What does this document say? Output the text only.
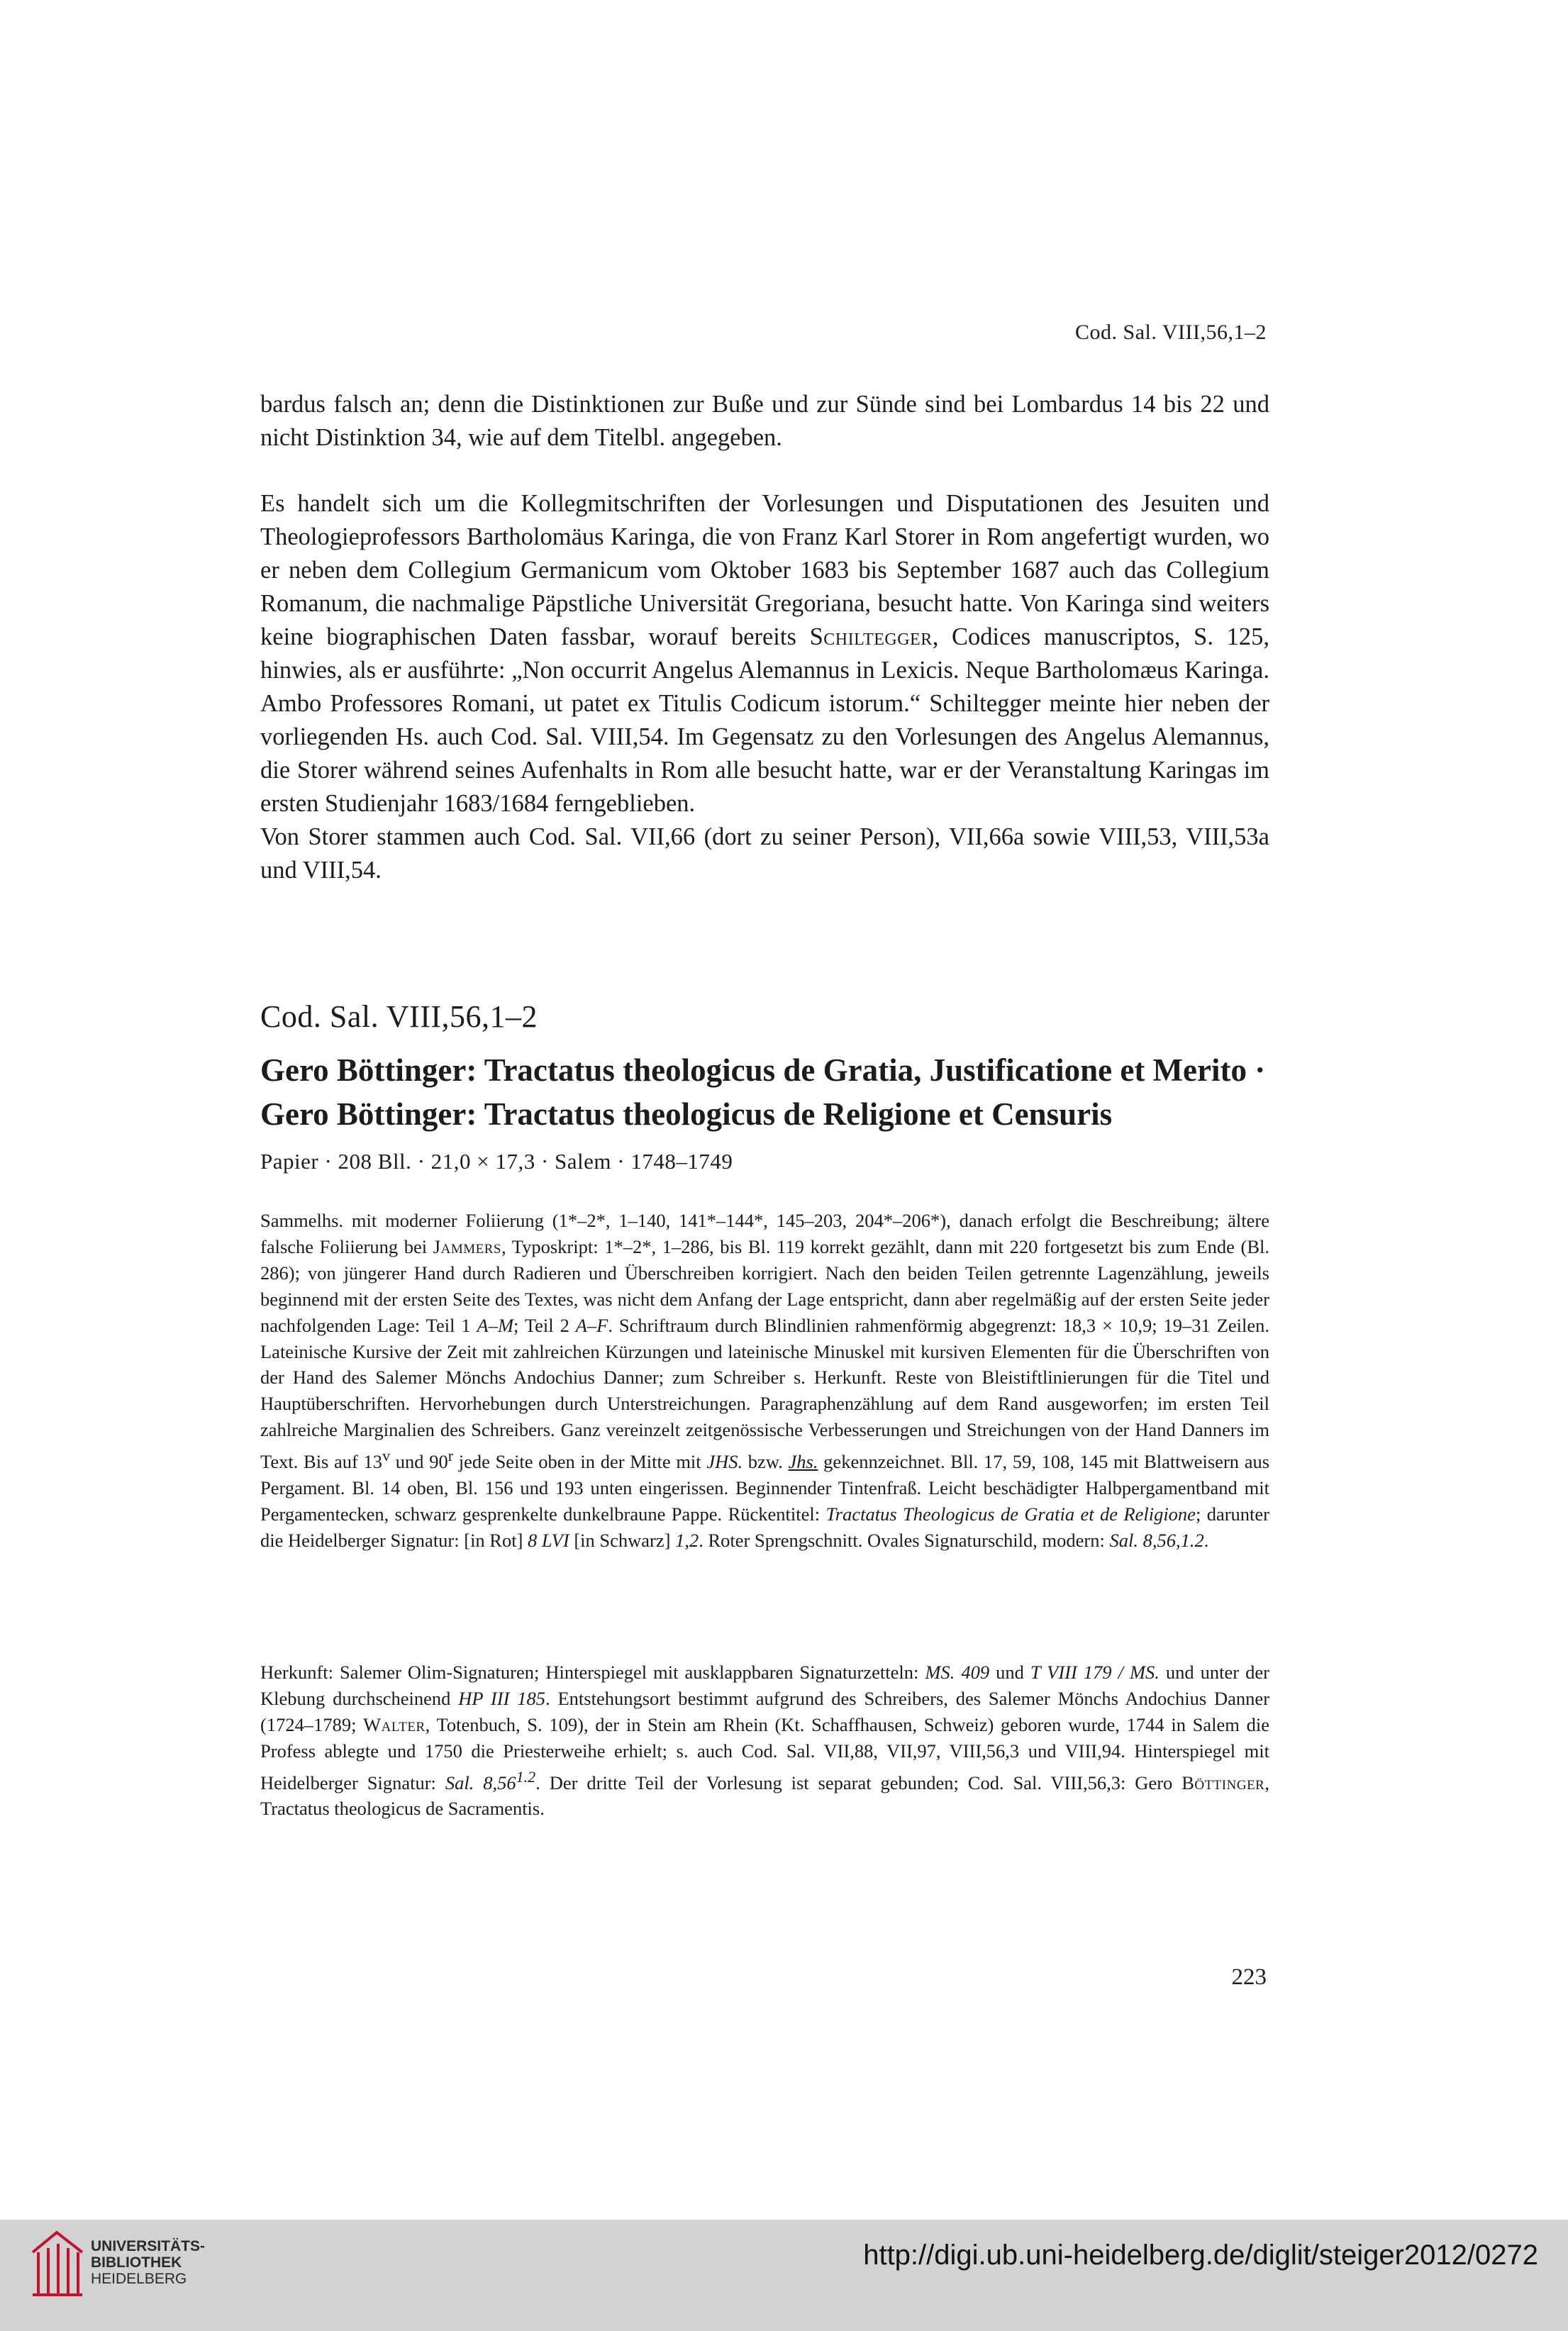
Cod. Sal. VIII,56,1–2

bardus falsch an; denn die Distinktionen zur Buße und zur Sünde sind bei Lombardus 14 bis 22 und nicht Distinktion 34, wie auf dem Titelbl. angegeben.

Es handelt sich um die Kollegmitschriften der Vorlesungen und Disputationen des Jesuiten und Theologieprofessors Bartholomäus Karinga, die von Franz Karl Storer in Rom angefertigt wurden, wo er neben dem Collegium Germanicum vom Oktober 1683 bis September 1687 auch das Collegium Romanum, die nachmalige Päpstliche Universität Gregoriana, besucht hatte. Von Karinga sind weiters keine biographischen Daten fassbar, worauf bereits Schiltegger, Codices manuscriptos, S. 125, hinwies, als er ausführte: „Non occurrit Angelus Alemannus in Lexicis. Neque Bartholomæus Karinga. Ambo Professores Romani, ut patet ex Titulis Codicum istorum.“ Schiltegger meinte hier neben der vorliegenden Hs. auch Cod. Sal. VIII,54. Im Gegensatz zu den Vorlesungen des Angelus Alemannus, die Storer während seines Aufenhalts in Rom alle besucht hatte, war er der Veranstaltung Karingas im ersten Studienjahr 1683/1684 ferngeblieben.

Von Storer stammen auch Cod. Sal. VII,66 (dort zu seiner Person), VII,66a sowie VIII,53, VIII,53a und VIII,54.

Cod. Sal. VIII,56,1–2
Gero Böttinger: Tractatus theologicus de Gratia, Justificatione et Merito · Gero Böttinger: Tractatus theologicus de Religione et Censuris
Papier · 208 Bll. · 21,0 × 17,3 · Salem · 1748–1749

Sammelhs. mit moderner Foliierung (1*–2*, 1–140, 141*–144*, 145–203, 204*–206*), danach erfolgt die Beschreibung; ältere falsche Foliierung bei Jammers, Typoskript: 1*–2*, 1–286, bis Bl. 119 korrekt gezählt, dann mit 220 fortgesetzt bis zum Ende (Bl. 286); von jüngerer Hand durch Radieren und Überschreiben korrigiert. Nach den beiden Teilen getrennte Lagenzählung, jeweils beginnend mit der ersten Seite des Textes, was nicht dem Anfang der Lage entspricht, dann aber regelmäßig auf der ersten Seite jeder nachfolgenden Lage: Teil 1 A–M; Teil 2 A–F. Schriftraum durch Blindlinien rahmenförmig abgegrenzt: 18,3 × 10,9; 19–31 Zeilen. Lateinische Kursive der Zeit mit zahlreichen Kürzungen und lateinische Minuskel mit kursiven Elementen für die Überschriften von der Hand des Salemer Mönchs Andochius Danner; zum Schreiber s. Herkunft. Reste von Bleistiftlinierungen für die Titel und Hauptüberschriften. Hervorhebungen durch Unterstreichungen. Paragraphenzählung auf dem Rand ausgeworfen; im ersten Teil zahlreiche Marginalien des Schreibers. Ganz vereinzelt zeitgenössische Verbesserungen und Streichungen von der Hand Danners im Text. Bis auf 13$^v$ und 90$^r$ jede Seite oben in der Mitte mit JHS. bzw. Jhs. gekennzeichnet. Bll. 17, 59, 108, 145 mit Blattweisern aus Pergament. Bl. 14 oben, Bl. 156 und 193 unten eingerissen. Beginnender Tintenfraß. Leicht beschädigter Halbpergamentband mit Pergamentecken, schwarz gesprenkelte dunkelbraune Pappe. Rückentitel: Tractatus Theologicus de Gratia et de Religione; darunter die Heidelberger Signatur: [in Rot] 8 LVI [in Schwarz] 1,2. Roter Sprengschnitt. Ovales Signaturschild, modern: Sal. 8,56,1.2.

Herkunft: Salemer Olim-Signaturen; Hinterspiegel mit ausklappbaren Signaturzetteln: MS. 409 und T VIII 179 / MS. und unter der Klebung durchscheinend HP III 185. Entstehungsort bestimmt aufgrund des Schreibers, des Salemer Mönchs Andochius Danner (1724–1789; Walter, Totenbuch, S. 109), der in Stein am Rhein (Kt. Schaffhausen, Schweiz) geboren wurde, 1744 in Salem die Profess ablegte und 1750 die Priesterweihe erhielt; s. auch Cod. Sal. VII,88, VII,97, VIII,56,3 und VIII,94. Hinterspiegel mit Heidelberger Signatur: Sal. $8,56^{1.2}$. Der dritte Teil der Vorlesung ist separat gebunden; Cod. Sal. VIII,56,3: Gero Böttinger, Tractatus theologicus de Sacramentis.

223
UNIVERSITÄTS-
BIBLIOTHEK
HEIDELBERG
http://digi.ub.uni-heidelberg.de/diglit/steiger2012/0272
